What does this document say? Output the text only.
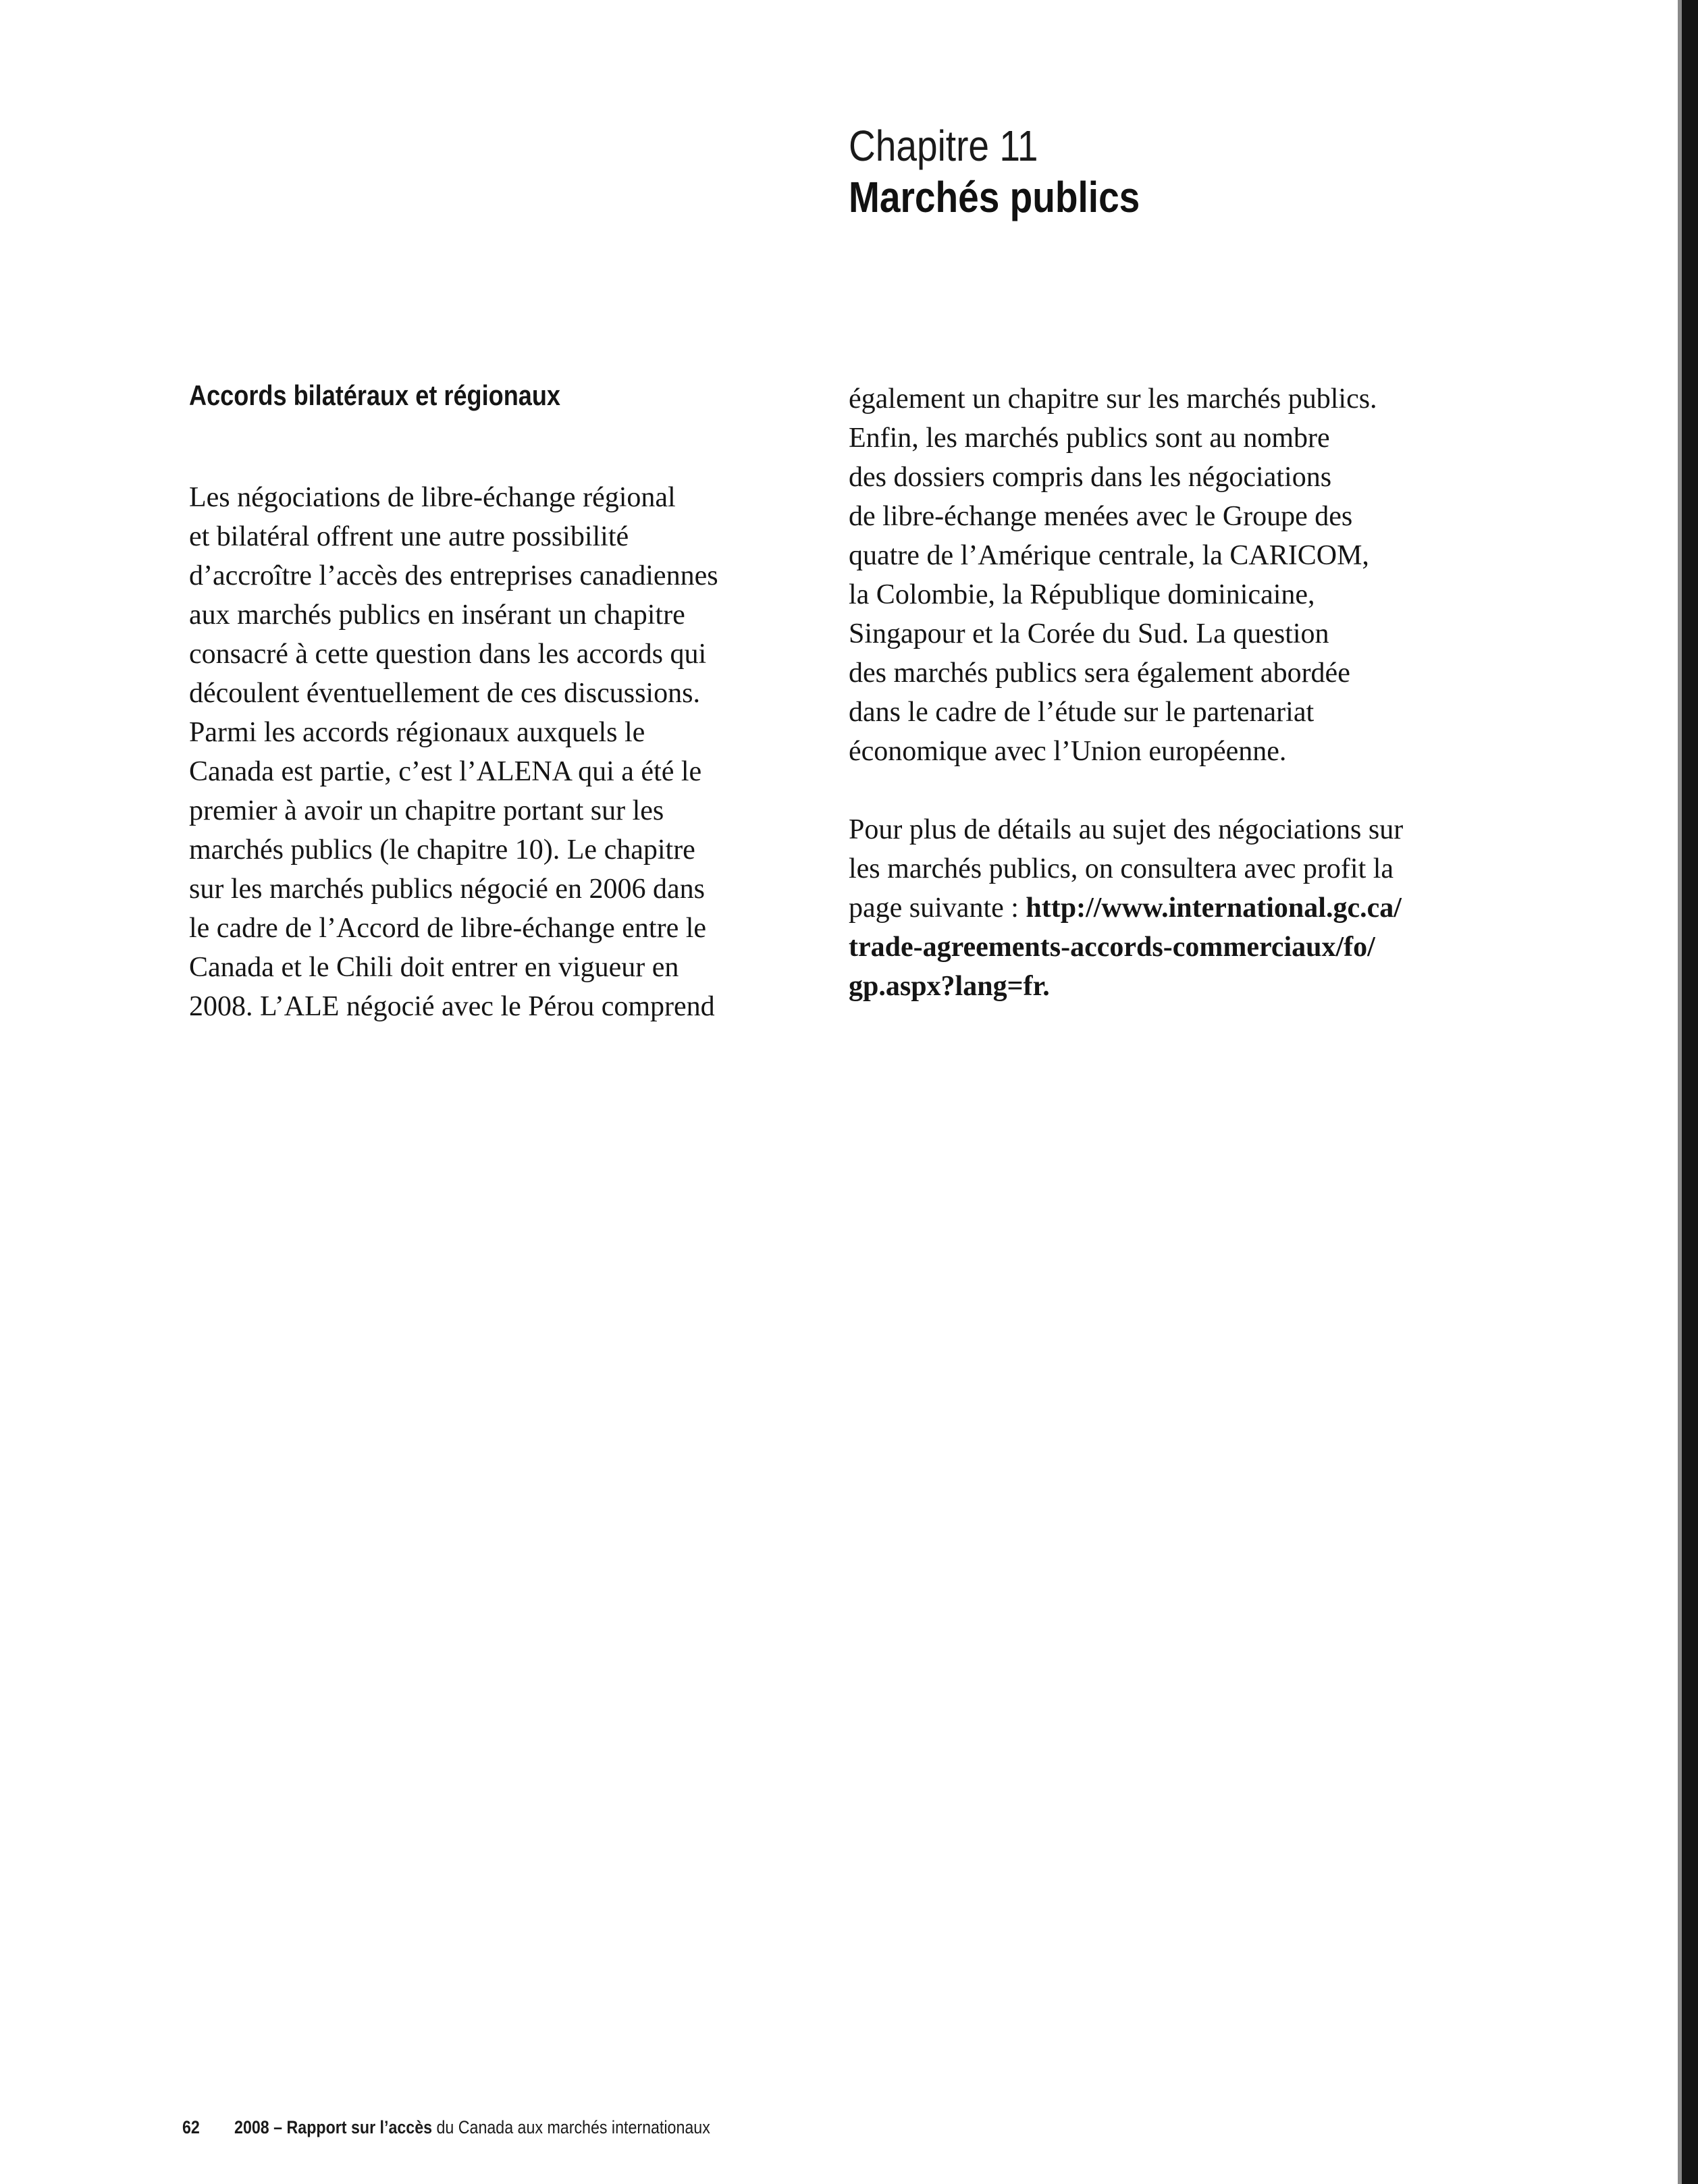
Chapitre 11
Marchés publics
Accords bilatéraux et régionaux
Les négociations de libre-échange régional
et bilatéral offrent une autre possibilité
d’accroître l’accès des entreprises canadiennes
aux marchés publics en insérant un chapitre
consacré à cette question dans les accords qui
découlent éventuellement de ces discussions.
Parmi les accords régionaux auxquels le
Canada est partie, c’est l’ALENA qui a été le
premier à avoir un chapitre portant sur les
marchés publics (le chapitre 10). Le chapitre
sur les marchés publics négocié en 2006 dans
le cadre de l’Accord de libre-échange entre le
Canada et le Chili doit entrer en vigueur en
2008. L’ALE négocié avec le Pérou comprend
également un chapitre sur les marchés publics.
Enfin, les marchés publics sont au nombre
des dossiers compris dans les négociations
de libre-échange menées avec le Groupe des
quatre de l’Amérique centrale, la CARICOM,
la Colombie, la République dominicaine,
Singapour et la Corée du Sud. La question
des marchés publics sera également abordée
dans le cadre de l’étude sur le partenariat
économique avec l’Union européenne.
Pour plus de détails au sujet des négociations sur
les marchés publics, on consultera avec profit la
page suivante : http://www.international.gc.ca/
trade-agreements-accords-commerciaux/fo/
gp.aspx?lang=fr.
62 2008 – Rapport sur l’accès du Canada aux marchés internationaux
